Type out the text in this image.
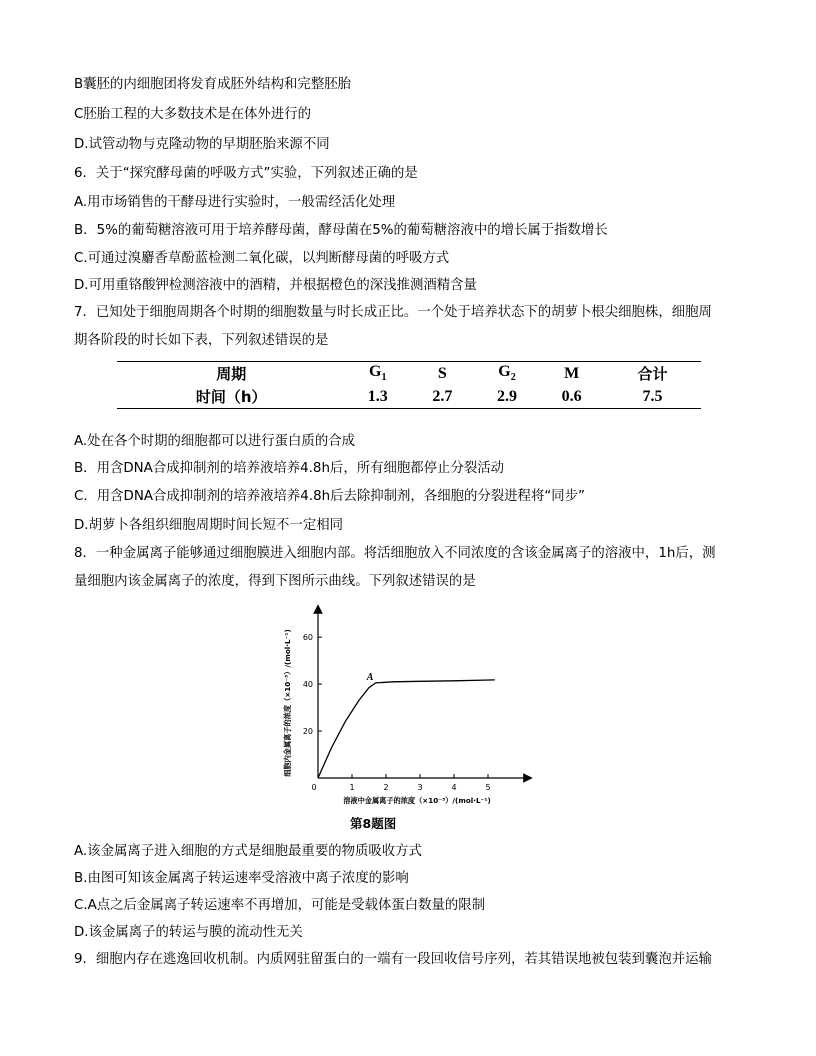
B囊胚的内细胞团将发育成胚外结构和完整胚胎
C胚胎工程的大多数技术是在体外进行的
D.试管动物与克隆动物的早期胚胎来源不同
6．关于“探究酵母菌的呼吸方式”实验，下列叙述正确的是
A.用市场销售的干酵母进行实验时，一般需经活化处理
B．5%的葡萄糖溶液可用于培养酵母菌，酵母菌在5%的葡萄糖溶液中的增长属于指数增长
C.可通过溴麝香草酚蓝检测二氧化碳，以判断酵母菌的呼吸方式
D.可用重铬酸钾检测溶液中的酒精，并根据橙色的深浅推测酒精含量
7．已知处于细胞周期各个时期的细胞数量与时长成正比。一个处于培养状态下的胡萝卜根尖细胞株，细胞周
期各阶段的时长如下表，下列叙述错误的是
周期	$G_1$	S	$G_2$	M	合计
时间（h）	1.3	2.7	2.9	0.6	7.5
A.处在各个时期的细胞都可以进行蛋白质的合成
B．用含DNA合成抑制剂的培养液培养4.8h后，所有细胞都停止分裂活动
C．用含DNA合成抑制剂的培养液培养4.8h后去除抑制剂，各细胞的分裂进程将“同步”
D.胡萝卜各组织细胞周期时间长短不一定相同
8．一种金属离子能够通过细胞膜进入细胞内部。将活细胞放入不同浓度的含该金属离子的溶液中，1h后，测
量细胞内该金属离子的浓度，得到下图所示曲线。下列叙述错误的是
1	2	3	4	5
20
40
60
A
0
细胞内金属离子的浓度（×10⁻³）/(mol·L⁻¹)
溶液中金属离子的浓度（×10⁻³）/(mol·L⁻¹)
第8题图
A.该金属离子进入细胞的方式是细胞最重要的物质吸收方式
B.由图可知该金属离子转运速率受溶液中离子浓度的影响
C.A点之后金属离子转运速率不再增加，可能是受载体蛋白数量的限制
D.该金属离子的转运与膜的流动性无关
9．细胞内存在逃逸回收机制。内质网驻留蛋白的一端有一段回收信号序列，若其错误地被包装到囊泡并运输
